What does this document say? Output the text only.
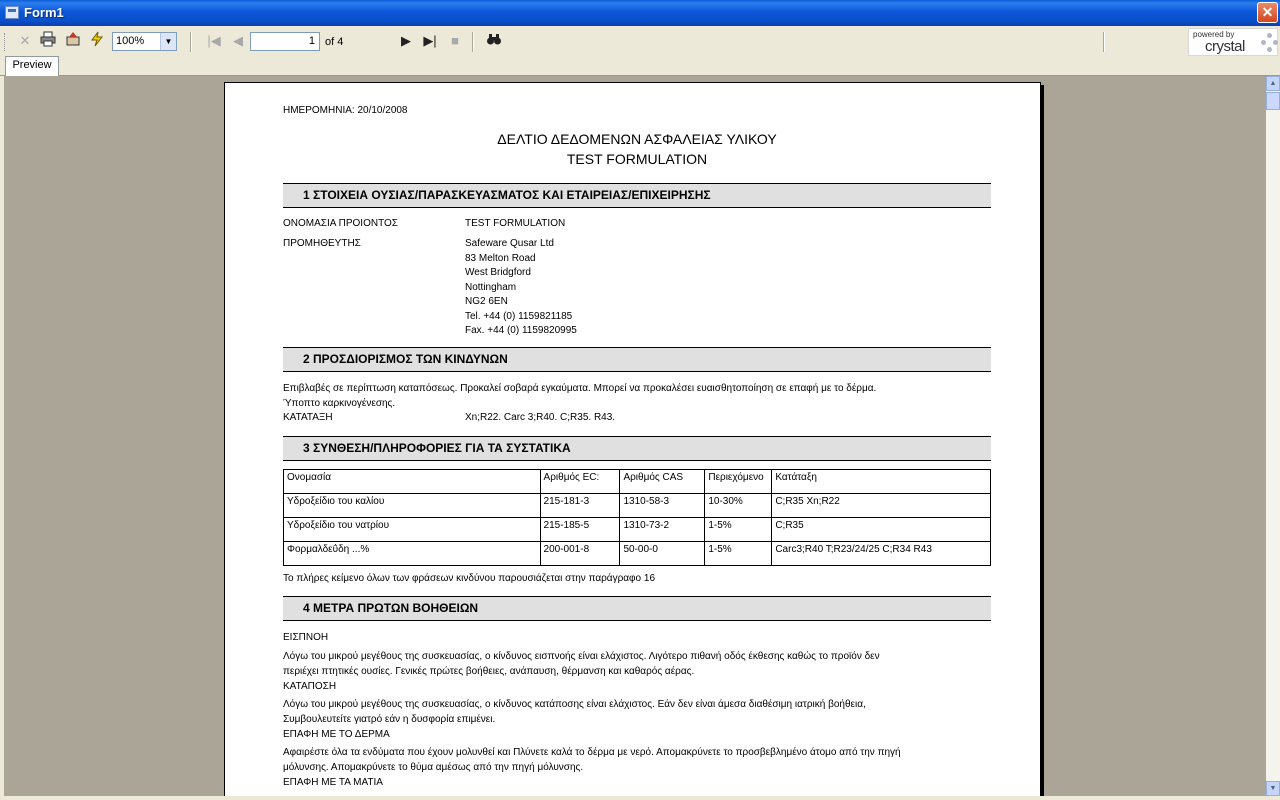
Form1	✕
✕	100%	▼	|◀ ◀	1 of 4	▶ ▶|	■	powered by
crystal
Preview
ΗΜΕΡΟΜΗΝΙΑ: 20/10/2008
ΔΕΛΤΙΟ ΔΕΔΟΜΕΝΩΝ ΑΣΦΑΛΕΙΑΣ ΥΛΙΚΟΥ
TEST FORMULATION
1 ΣΤΟΙΧΕΙΑ ΟΥΣΙΑΣ/ΠΑΡΑΣΚΕΥΑΣΜΑΤΟΣ ΚΑΙ ΕΤΑΙΡΕΙΑΣ/ΕΠΙΧΕΙΡΗΣΗΣ
ΟΝΟΜΑΣΙΑ ΠΡΟΙΟΝΤΟΣ	TEST FORMULATION
ΠΡΟΜΗΘΕΥΤΗΣ	Safeware Qusar Ltd
83 Melton Road
West Bridgford
Nottingham
NG2 6EN
Tel. +44 (0) 1159821185
Fax. +44 (0) 1159820995
2 ΠΡΟΣΔΙΟΡΙΣΜΟΣ ΤΩΝ ΚΙΝΔΥΝΩΝ
Επιβλαβές σε περίπτωση καταπόσεως. Προκαλεί σοβαρά εγκαύματα. Μπορεί να προκαλέσει ευαισθητοποίηση σε επαφή με το δέρμα.
Ύποπτο καρκινογένεσης.
ΚΑΤΑΤΑΞΗ	Xn;R22. Carc 3;R40. C;R35. R43.
3 ΣΥΝΘΕΣΗ/ΠΛΗΡΟΦΟΡΙΕΣ ΓΙΑ ΤΑ ΣΥΣΤΑΤΙΚΑ
Ονομασία	Αριθμός EC:	Αριθμός CAS	Περιεχόμενο	Κατάταξη
Υδροξείδιο του καλίου	215-181-3	1310-58-3	10-30%	C;R35 Xn;R22
Υδροξείδιο του νατρίου	215-185-5	1310-73-2	1-5%	C;R35
Φορμαλδεΰδη ...%	200-001-8	50-00-0	1-5%	Carc3;R40 T;R23/24/25 C;R34 R43
Το πλήρες κείμενο όλων των φράσεων κινδύνου παρουσιάζεται στην παράγραφο 16
4 ΜΕΤΡΑ ΠΡΩΤΩΝ ΒΟΗΘΕΙΩΝ
ΕΙΣΠΝΟΗ
Λόγω του μικρού μεγέθους της συσκευασίας, ο κίνδυνος εισπνοής είναι ελάχιστος. Λιγότερο πιθανή οδός έκθεσης καθώς το προϊόν δεν
περιέχει πτητικές ουσίες. Γενικές πρώτες βοήθειες, ανάπαυση, θέρμανση και καθαρός αέρας.
ΚΑΤΑΠΟΣΗ
Λόγω του μικρού μεγέθους της συσκευασίας, ο κίνδυνος κατάποσης είναι ελάχιστος. Εάν δεν είναι άμεσα διαθέσιμη ιατρική βοήθεια,
Συμβουλευτείτε γιατρό εάν η δυσφορία επιμένει.
ΕΠΑΦΗ ΜΕ ΤΟ ΔΕΡΜΑ
Αφαιρέστε όλα τα ενδύματα που έχουν μολυνθεί και Πλύνετε καλά το δέρμα με νερό. Απομακρύνετε το προσβεβλημένο άτομο από την πηγή
μόλυνσης. Απομακρύνετε το θύμα αμέσως από την πηγή μόλυνσης.
ΕΠΑΦΗ ΜΕ ΤΑ ΜΑΤΙΑ
▲
▼
